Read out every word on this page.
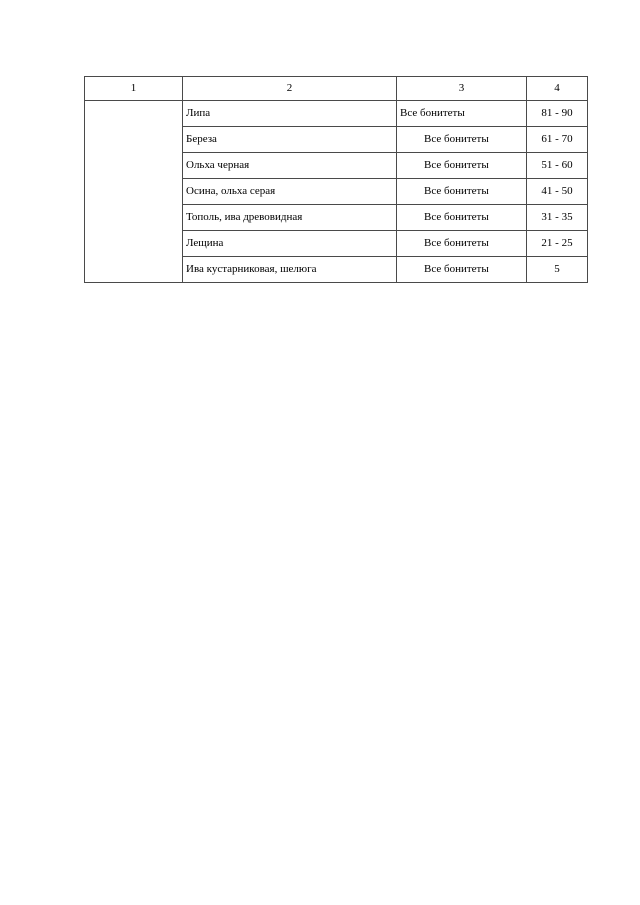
1	2	3	4
	Липа	Все бонитеты	81 - 90
	Береза	Все бонитеты	61 - 70
	Ольха черная	Все бонитеты	51 - 60
	Осина, ольха серая	Все бонитеты	41 - 50
	Тополь, ива древовидная	Все бонитеты	31 - 35
	Лещина	Все бонитеты	21 - 25
	Ива кустарниковая, шелюга	Все бонитеты	5
